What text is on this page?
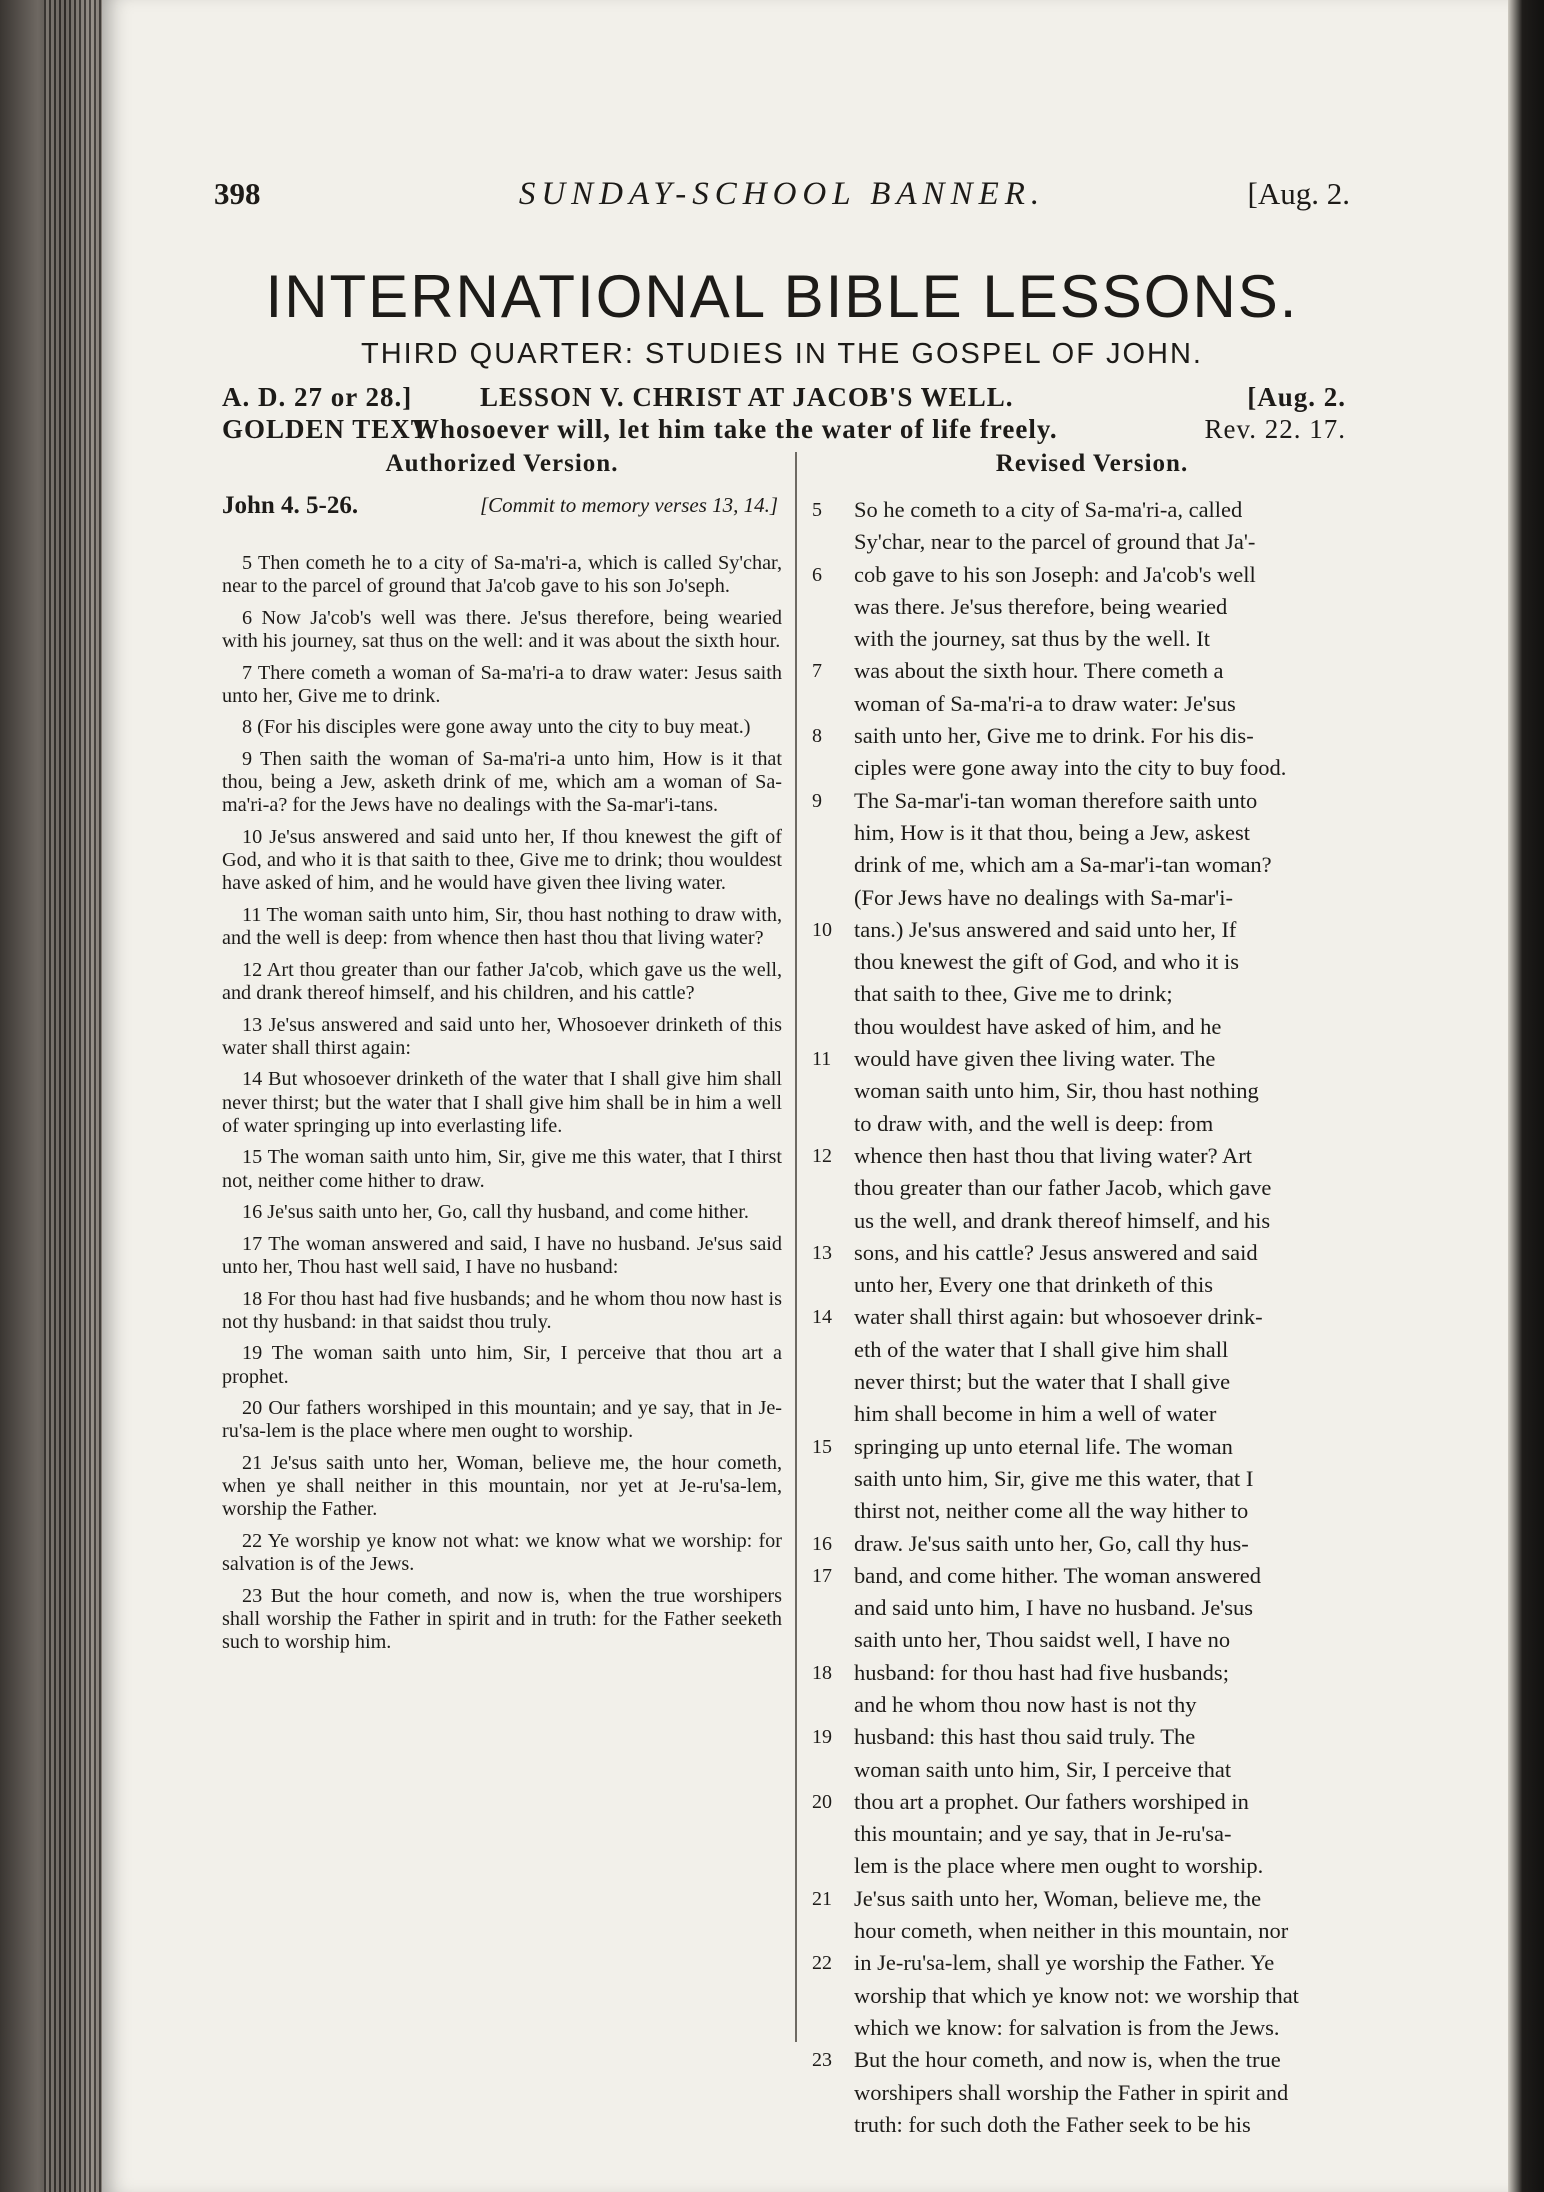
398	SUNDAY-SCHOOL BANNER.	[Aug. 2.
INTERNATIONAL BIBLE LESSONS.
THIRD QUARTER: STUDIES IN THE GOSPEL OF JOHN.
A. D. 27 or 28.]	LESSON V. CHRIST AT JACOB'S WELL.	[Aug. 2.
GOLDEN TEXT.
Whosoever will, let him take the water of life freely.	Rev. 22. 17.
Authorized Version.	Revised Version.
John 4. 5-26.	[Commit to memory verses 13, 14.]
5 Then cometh he to a city of Sa-ma'ri-a, which is called Sy'char, near to the parcel of ground that Ja'cob gave to his son Jo'seph.
6 Now Ja'cob's well was there. Je'sus therefore, being wearied with his journey, sat thus on the well: and it was about the sixth hour.
7 There cometh a woman of Sa-ma'ri-a to draw water: Jesus saith unto her, Give me to drink.
8 (For his disciples were gone away unto the city to buy meat.)
9 Then saith the woman of Sa-ma'ri-a unto him, How is it that thou, being a Jew, asketh drink of me, which am a woman of Sa-ma'ri-a? for the Jews have no dealings with the Sa-mar'i-tans.
10 Je'sus answered and said unto her, If thou knewest the gift of God, and who it is that saith to thee, Give me to drink; thou wouldest have asked of him, and he would have given thee living water.
11 The woman saith unto him, Sir, thou hast nothing to draw with, and the well is deep: from whence then hast thou that living water?
12 Art thou greater than our father Ja'cob, which gave us the well, and drank thereof himself, and his children, and his cattle?
13 Je'sus answered and said unto her, Whosoever drinketh of this water shall thirst again:
14 But whosoever drinketh of the water that I shall give him shall never thirst; but the water that I shall give him shall be in him a well of water springing up into everlasting life.
15 The woman saith unto him, Sir, give me this water, that I thirst not, neither come hither to draw.
16 Je'sus saith unto her, Go, call thy husband, and come hither.
17 The woman answered and said, I have no husband. Je'sus said unto her, Thou hast well said, I have no husband:
18 For thou hast had five husbands; and he whom thou now hast is not thy husband: in that saidst thou truly.
19 The woman saith unto him, Sir, I perceive that thou art a prophet.
20 Our fathers worshiped in this mountain; and ye say, that in Je-ru'sa-lem is the place where men ought to worship.
21 Je'sus saith unto her, Woman, believe me, the hour cometh, when ye shall neither in this mountain, nor yet at Je-ru'sa-lem, worship the Father.
22 Ye worship ye know not what: we know what we worship: for salvation is of the Jews.
23 But the hour cometh, and now is, when the true worshipers shall worship the Father in spirit and in truth: for the Father seeketh such to worship him.
5	So he cometh to a city of Sa-ma'ri-a, called
Sy'char, near to the parcel of ground that Ja'-
6	cob gave to his son Joseph: and Ja'cob's well
was there. Je'sus therefore, being wearied
with the journey, sat thus by the well. It
7	was about the sixth hour. There cometh a
woman of Sa-ma'ri-a to draw water: Je'sus
8	saith unto her, Give me to drink. For his dis-
ciples were gone away into the city to buy food.
9	The Sa-mar'i-tan woman therefore saith unto
him, How is it that thou, being a Jew, askest
drink of me, which am a Sa-mar'i-tan woman?
(For Jews have no dealings with Sa-mar'i-
10 tans.) Je'sus answered and said unto her, If
thou knewest the gift of God, and who it is
that saith to thee, Give me to drink;
thou wouldest have asked of him, and he
11	would have given thee living water. The
woman saith unto him, Sir, thou hast nothing
to draw with, and the well is deep: from
12 whence then hast thou that living water? Art
thou greater than our father Jacob, which gave
us the well, and drank thereof himself, and his
13 sons, and his cattle? Jesus answered and said
unto her, Every one that drinketh of this
14 water shall thirst again: but whosoever drink-
eth of the water that I shall give him shall
never thirst; but the water that I shall give
him shall become in him a well of water
15 springing up unto eternal life. The woman
saith unto him, Sir, give me this water, that I
thirst not, neither come all the way hither to
16 draw. Je'sus saith unto her, Go, call thy hus-
17 band, and come hither. The woman answered
and said unto him, I have no husband. Je'sus
saith unto her, Thou saidst well, I have no
18 husband: for thou hast had five husbands;
and he whom thou now hast is not thy
19 husband: this hast thou said truly. The
woman saith unto him, Sir, I perceive that
20 thou art a prophet. Our fathers worshiped in
this mountain; and ye say, that in Je-ru'sa-
lem is the place where men ought to worship.
21 Je'sus saith unto her, Woman, believe me, the
hour cometh, when neither in this mountain, nor
22 in Je-ru'sa-lem, shall ye worship the Father. Ye
worship that which ye know not: we worship that
which we know: for salvation is from the Jews.
23 But the hour cometh, and now is, when the true
worshipers shall worship the Father in spirit and
truth: for such doth the Father seek to be his
